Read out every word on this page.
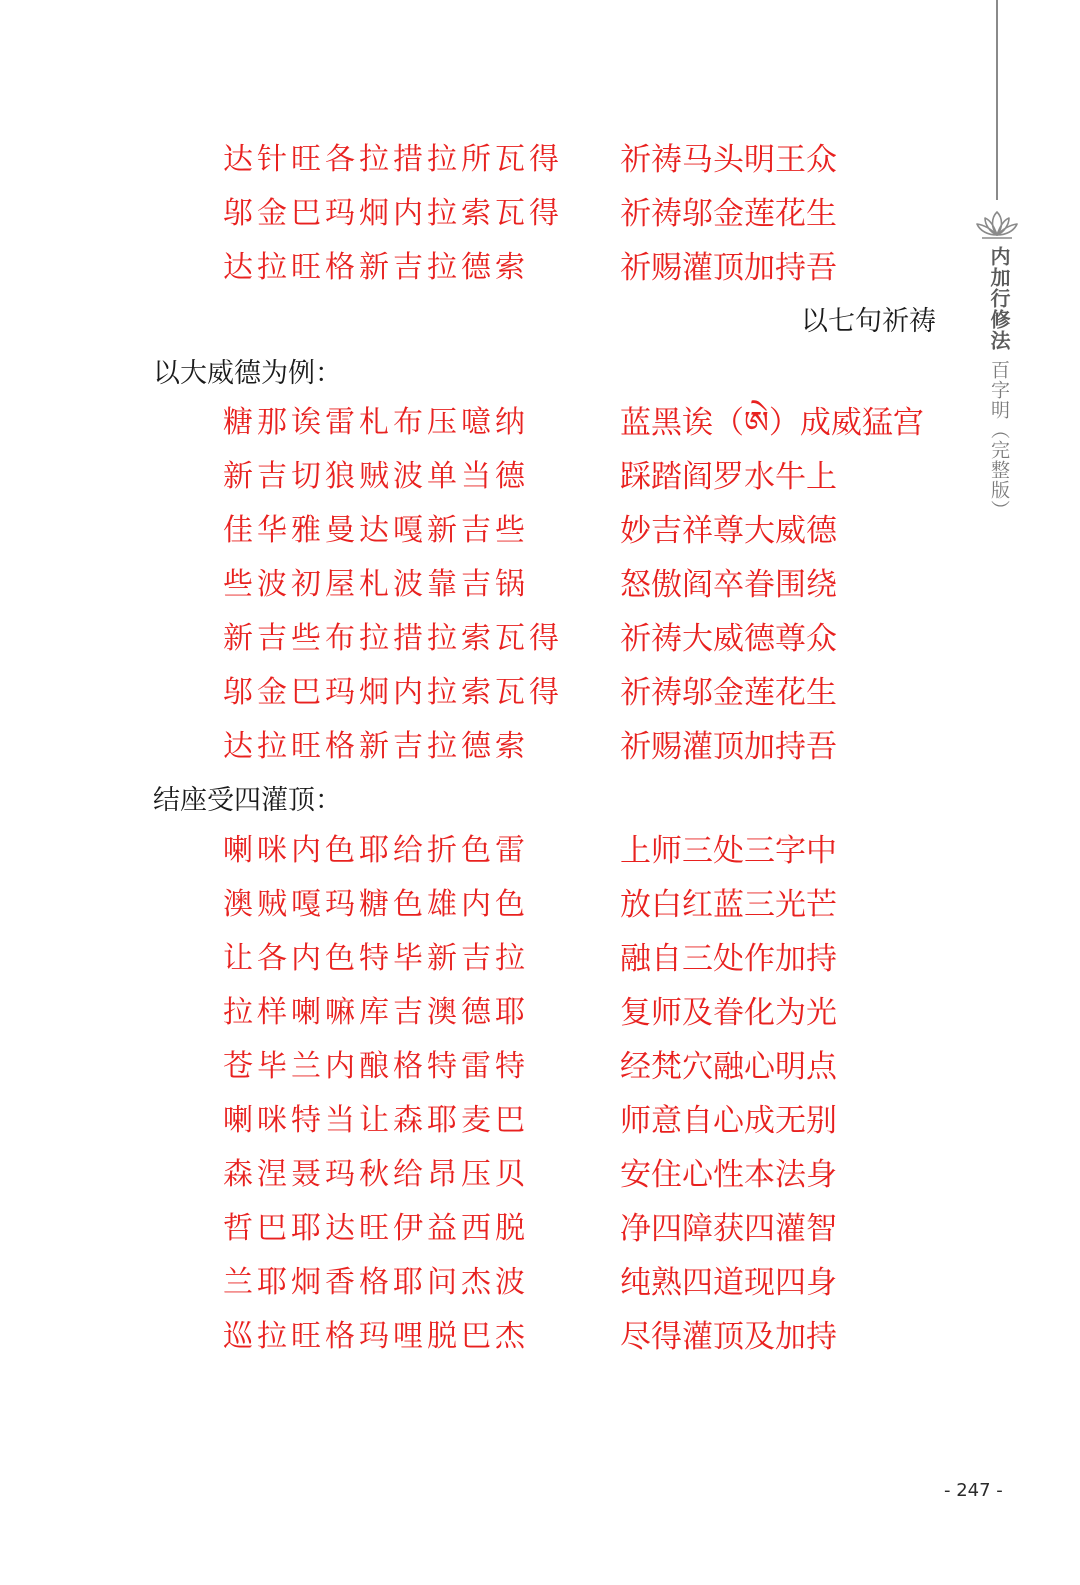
内加行修法
百字明（完整版）
达针旺各拉措拉所瓦得 祈祷马头明王众
邬金巴玛炯内拉索瓦得 祈祷邬金莲花生
达拉旺格新吉拉德索	祈赐灌顶加持吾
以七句祈祷
以大威德为例：
糖那诶雷札布压噫纳	蓝黑诶（ཨེ）成威猛宫
新吉切狼贼波单当德	踩踏阎罗水牛上
佳华雅曼达嘎新吉些	妙吉祥尊大威德
些波初屋札波靠吉锅	怒傲阎卒眷围绕
新吉些布拉措拉索瓦得 祈祷大威德尊众
邬金巴玛炯内拉索瓦得 祈祷邬金莲花生
达拉旺格新吉拉德索	祈赐灌顶加持吾
结座受四灌顶：
喇咪内色耶给折色雷	上师三处三字中
澳贼嘎玛糖色雄内色	放白红蓝三光芒
让各内色特毕新吉拉	融自三处作加持
拉样喇嘛库吉澳德耶	复师及眷化为光
苍毕兰内酿格特雷特	经梵穴融心明点
喇咪特当让森耶麦巴	师意自心成无别
森涅聂玛秋给昂压贝	安住心性本法身
哲巴耶达旺伊益西脱	净四障获四灌智
兰耶炯香格耶问杰波	纯熟四道现四身
巡拉旺格玛哩脱巴杰	尽得灌顶及加持
- 247 -
